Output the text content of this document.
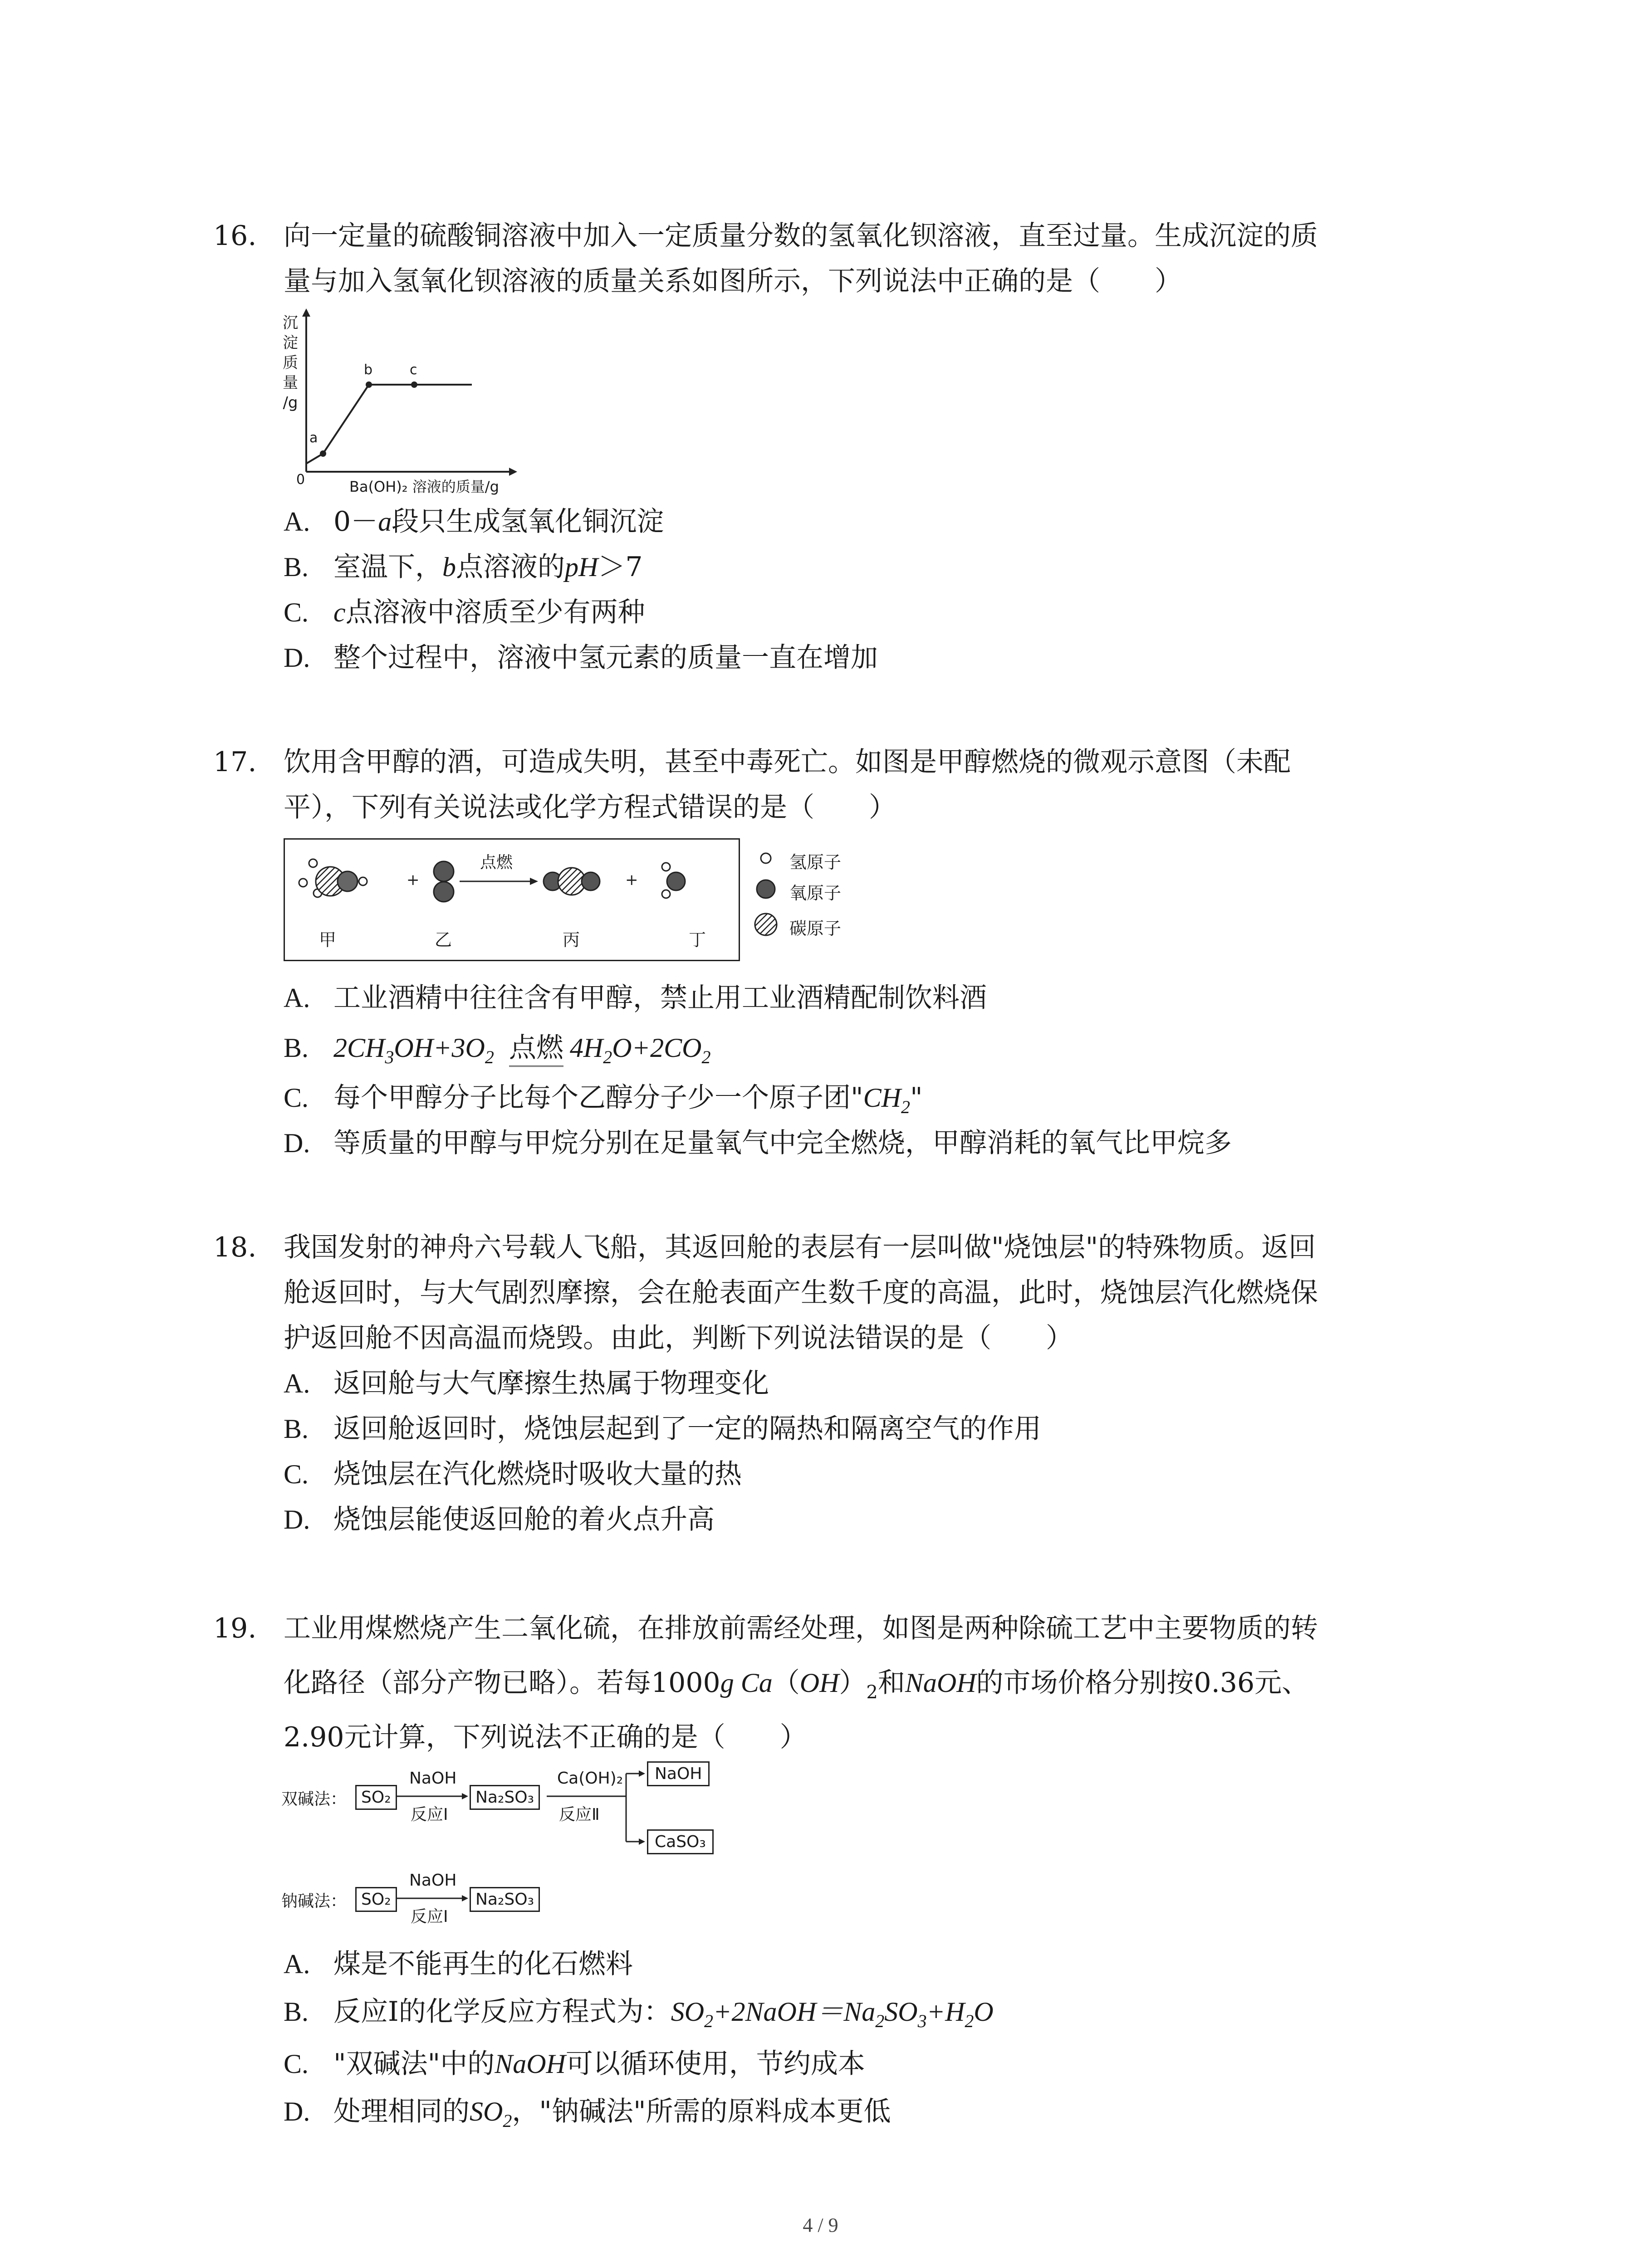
16. 向一定量的硫酸铜溶液中加入一定质量分数的氢氧化钡溶液，直至过量。生成沉淀的质
量与加入氢氧化钡溶液的质量关系如图所示，下列说法中正确的是（　　）
沉
淀
质
量
/g
a
b	c
0	Ba(OH)₂ 溶液的质量/g
A. 0－a段只生成氢氧化铜沉淀
B. 室温下，b点溶液的pH＞7
C. c点溶液中溶质至少有两种
D. 整个过程中，溶液中氢元素的质量一直在增加
17. 饮用含甲醇的酒，可造成失明，甚至中毒死亡。如图是甲醇燃烧的微观示意图（未配
平），下列有关说法或化学方程式错误的是（　　）
+	+
点燃
甲	乙	丙	丁
氢原子
氧原子
碳原子
A. 工业酒精中往往含有甲醇，禁止用工业酒精配制饮料酒
B. $2CH_3OH+3O_2$ 点燃 $4H_2O+2CO_2$
C. 每个甲醇分子比每个乙醇分子少一个原子团"$CH_2$"
D. 等质量的甲醇与甲烷分别在足量氧气中完全燃烧，甲醇消耗的氧气比甲烷多
18. 我国发射的神舟六号载人飞船，其返回舱的表层有一层叫做"烧蚀层"的特殊物质。返回
舱返回时，与大气剧烈摩擦，会在舱表面产生数千度的高温，此时，烧蚀层汽化燃烧保
护返回舱不因高温而烧毁。由此，判断下列说法错误的是（　　）
A. 返回舱与大气摩擦生热属于物理变化
B. 返回舱返回时，烧蚀层起到了一定的隔热和隔离空气的作用
C. 烧蚀层在汽化燃烧时吸收大量的热
D. 烧蚀层能使返回舱的着火点升高
19. 工业用煤燃烧产生二氧化硫，在排放前需经处理，如图是两种除硫工艺中主要物质的转
化路径（部分产物已略）。若每1000g $Ca(OH)_2$和NaOH的市场价格分别按0.36元、
2.90元计算，下列说法不正确的是（　　）
双碱法： SO₂
NaOH
反应Ⅰ
Na₂SO₃
Ca(OH)₂
反应Ⅱ
NaOH
CaSO₃
钠碱法： SO₂
NaOH
反应Ⅰ
Na₂SO₃
A. 煤是不能再生的化石燃料
B. 反应Ⅰ的化学反应方程式为：$SO_2+2NaOH=Na_2SO_3+H_2O$
C. "双碱法"中的NaOH可以循环使用，节约成本
D. 处理相同的$SO_2$，"钠碱法"所需的原料成本更低
4 / 9
